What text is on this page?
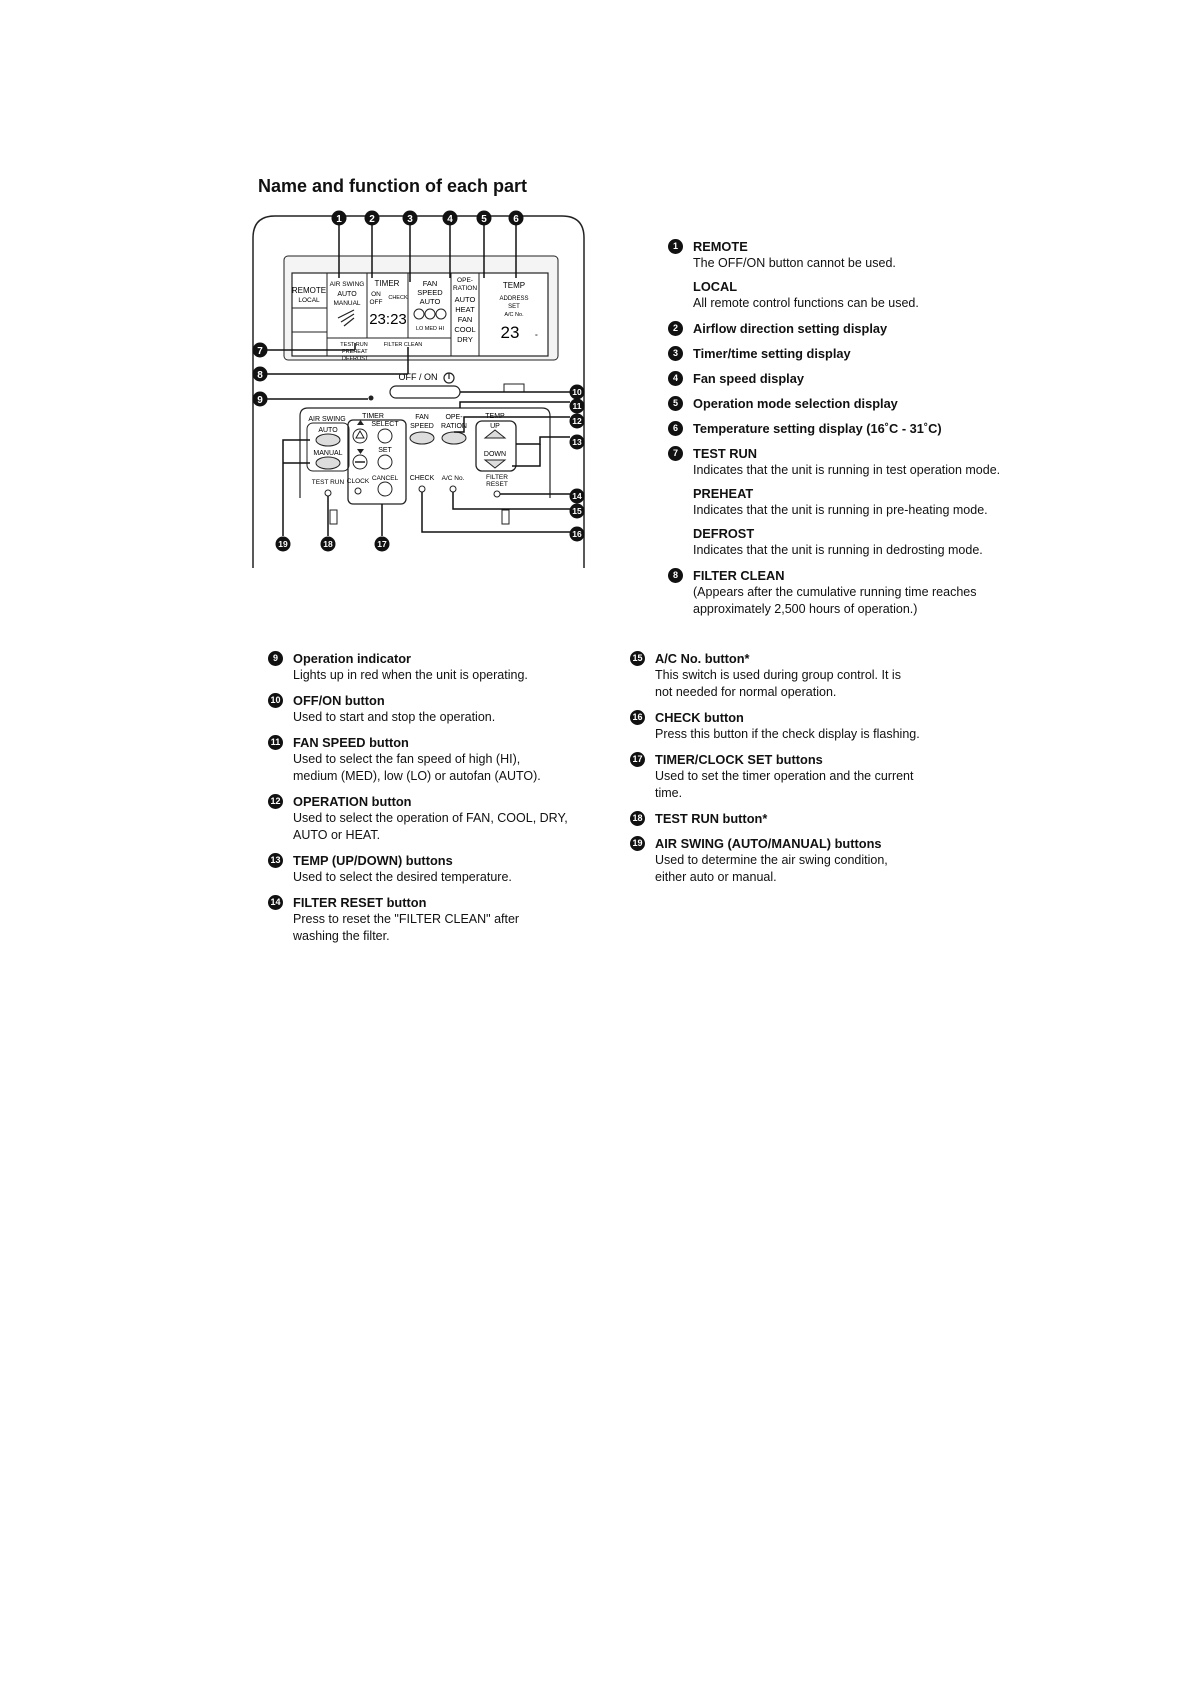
Name and function of each part
REMOTE
LOCAL
AIR SWING
AUTO
MANUAL
TIMER
ON
OFF
CHECK
23:23
FAN
SPEED
AUTO
LO MED HI
OPE-
RATION
AUTO
HEAT
FAN
COOL
DRY
TEMP
ADDRESS
SET
A/C No.
23 °
TEST RUN	FILTER CLEAN
PREHEAT
DEFROST
OFF / ON
AIR SWING
AUTO
MANUAL
TEST RUN
TIMER
SELECT
SET
CLOCK CANCEL
FAN
SPEED
OPE-
RATION
TEMP
UP
DOWN
CHECK A/C No.	FILTER
RESET
1	2	3	4	5	6
7
8
9
10
11
12
13
14
15
16
19	18	17
1	REMOTE
The OFF/ON button cannot be used.
LOCAL
All remote control functions can be used.
2	Airflow direction setting display
3	Timer/time setting display
4	Fan speed display
5	Operation mode selection display
6	Temperature setting display (16˚C - 31˚C)
7	TEST RUN
Indicates that the unit is running in test operation mode.
PREHEAT
Indicates that the unit is running in pre-heating mode.
DEFROST
Indicates that the unit is running in dedrosting mode.
8	FILTER CLEAN
(Appears after the cumulative running time reaches approximately 2,500 hours of operation.)
9	Operation indicator
Lights up in red when the unit is operating.
10 OFF/ON button
Used to start and stop the operation.
11 FAN SPEED button
Used to select the fan speed of high (HI), medium (MED), low (LO) or autofan (AUTO).
12 OPERATION button
Used to select the operation of FAN, COOL, DRY, AUTO or HEAT.
13 TEMP (UP/DOWN) buttons
Used to select the desired temperature.
14 FILTER RESET button
Press to reset the "FILTER CLEAN" after washing the filter.
15 A/C No. button*
This switch is used during group control. It is not needed for normal operation.
16 CHECK button
Press this button if the check display is flashing.
17 TIMER/CLOCK SET buttons
Used to set the timer operation and the current time.
18 TEST RUN button*
19 AIR SWING (AUTO/MANUAL) buttons
Used to determine the air swing condition, either auto or manual.
